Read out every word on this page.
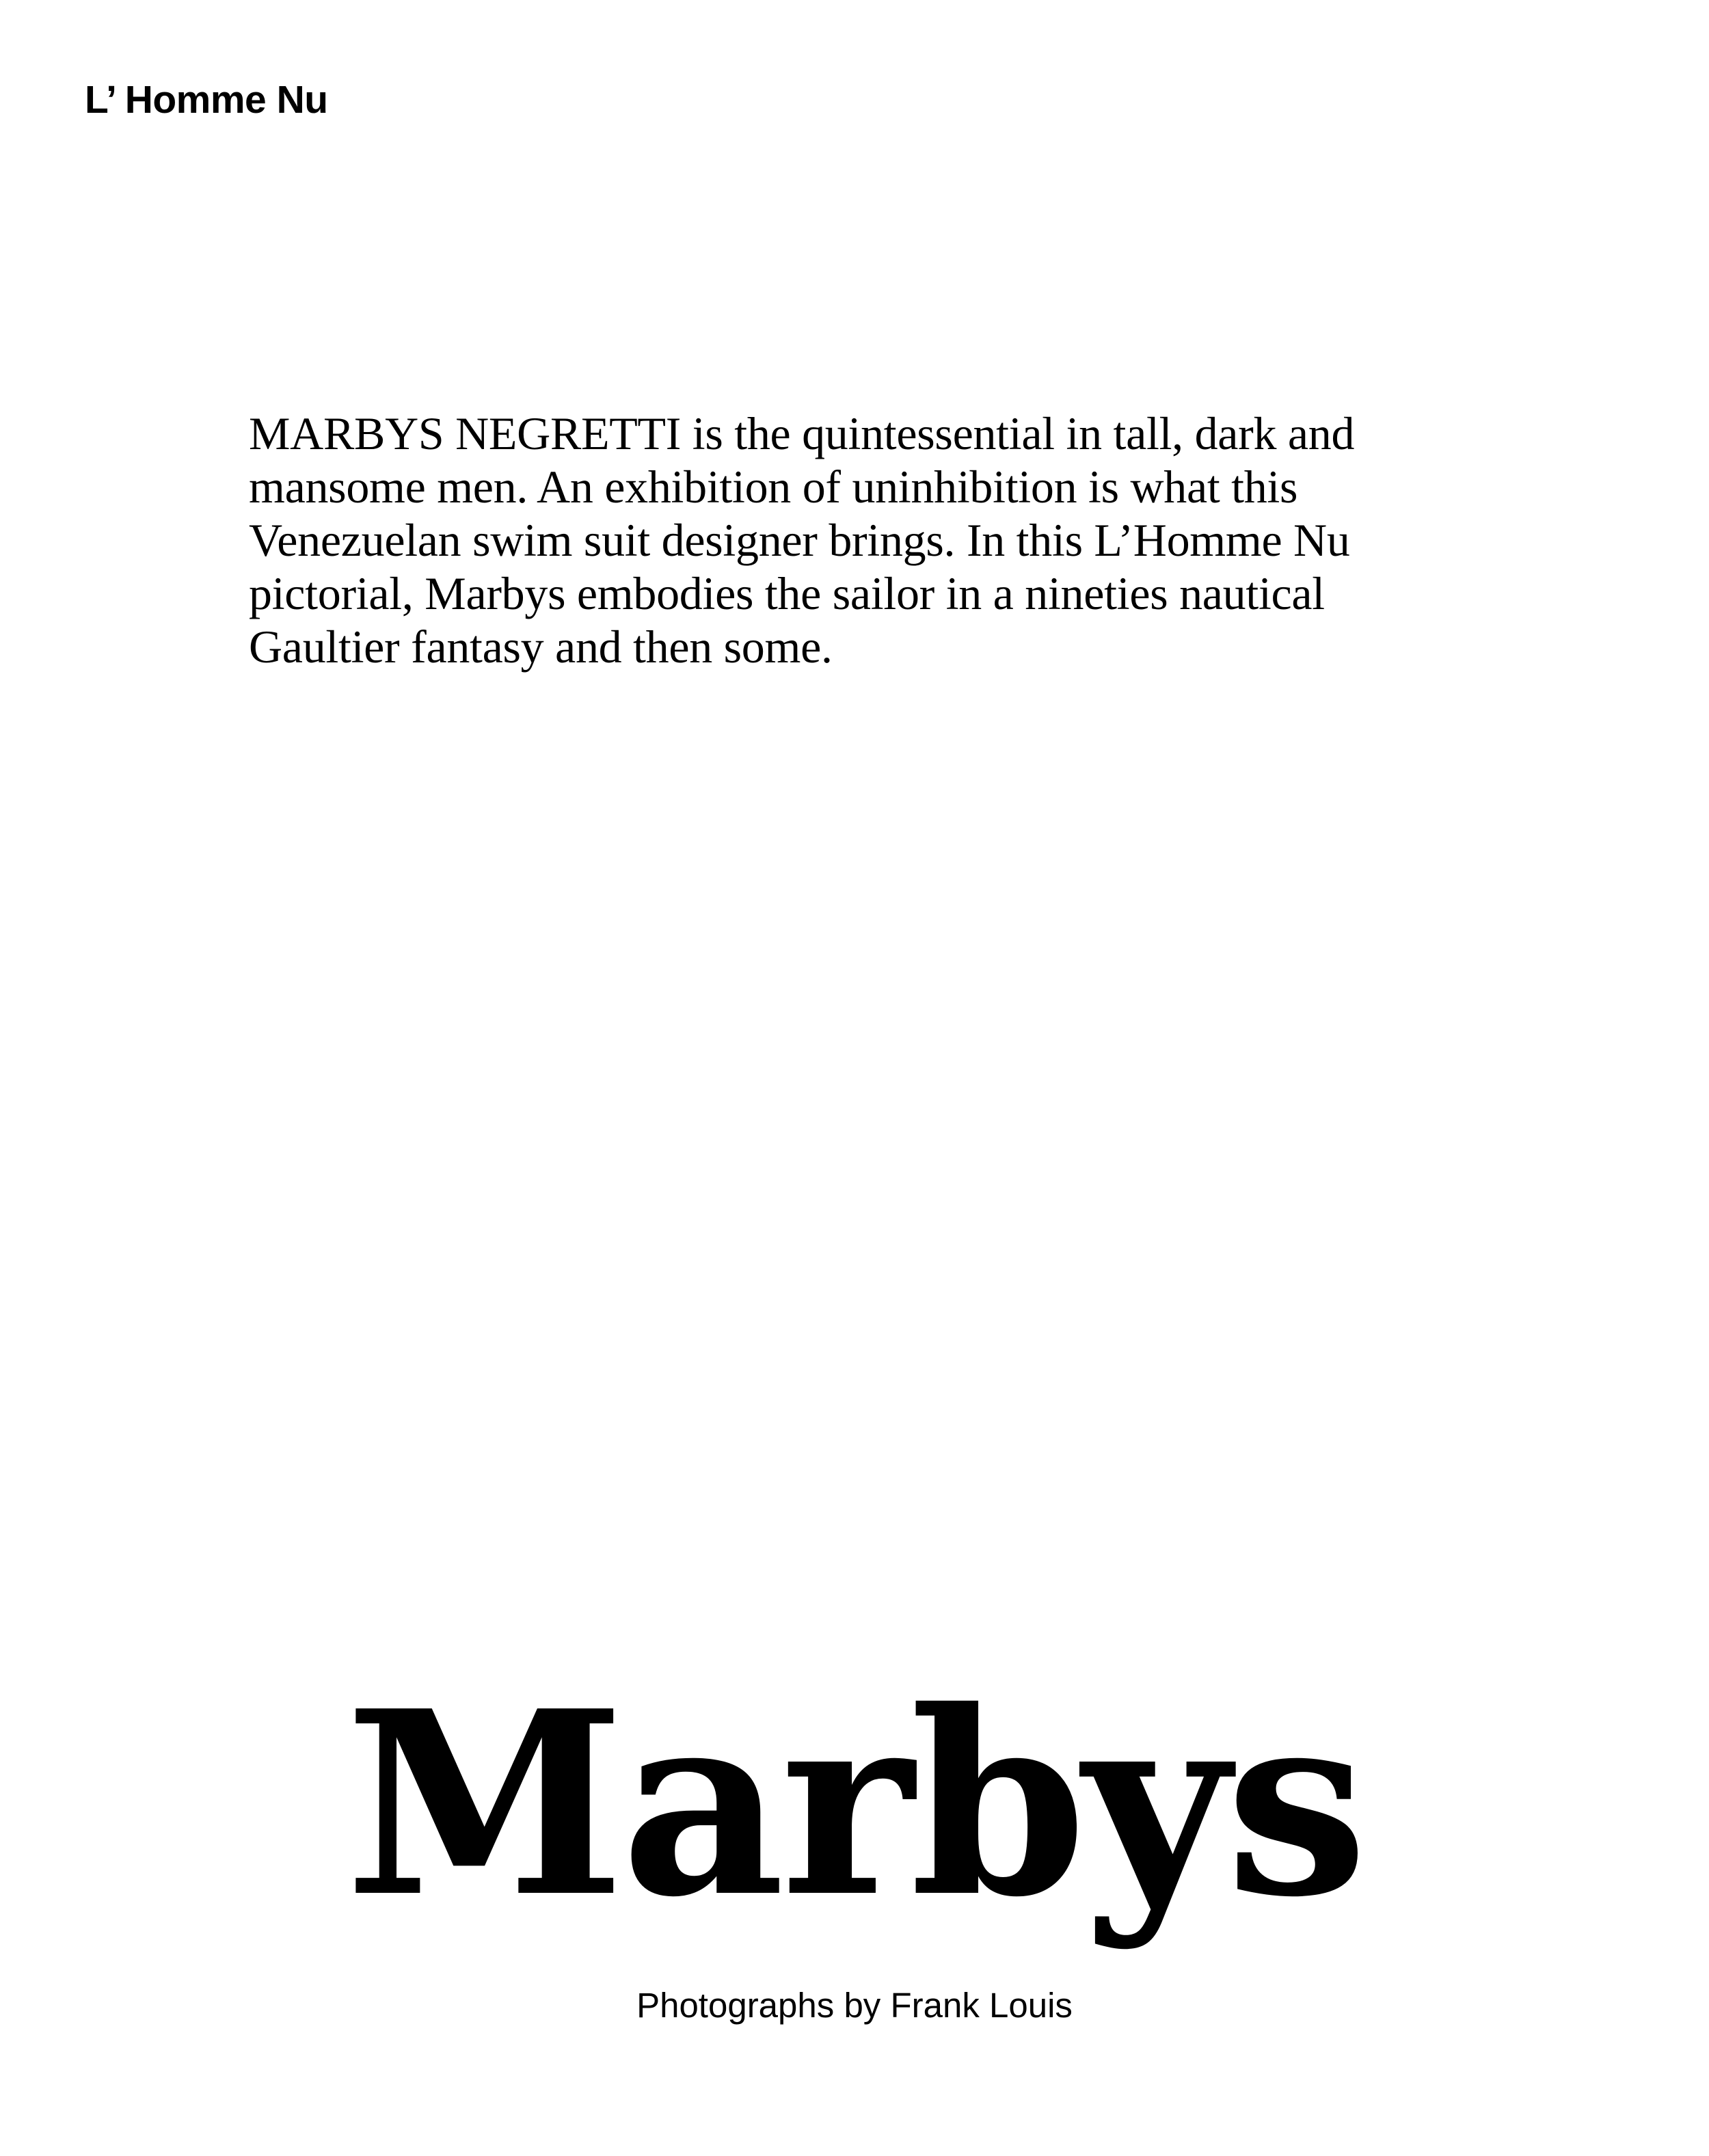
L’ Homme Nu
MARBYS NEGRETTI is the quintessential in tall, dark and
mansome men. An exhibition of uninhibition is what this
Venezuelan swim suit designer brings. In this L’Homme Nu
pictorial, Marbys embodies the sailor in a nineties nautical
Gaultier fantasy and then some.
Marbys
Photographs by Frank Louis
